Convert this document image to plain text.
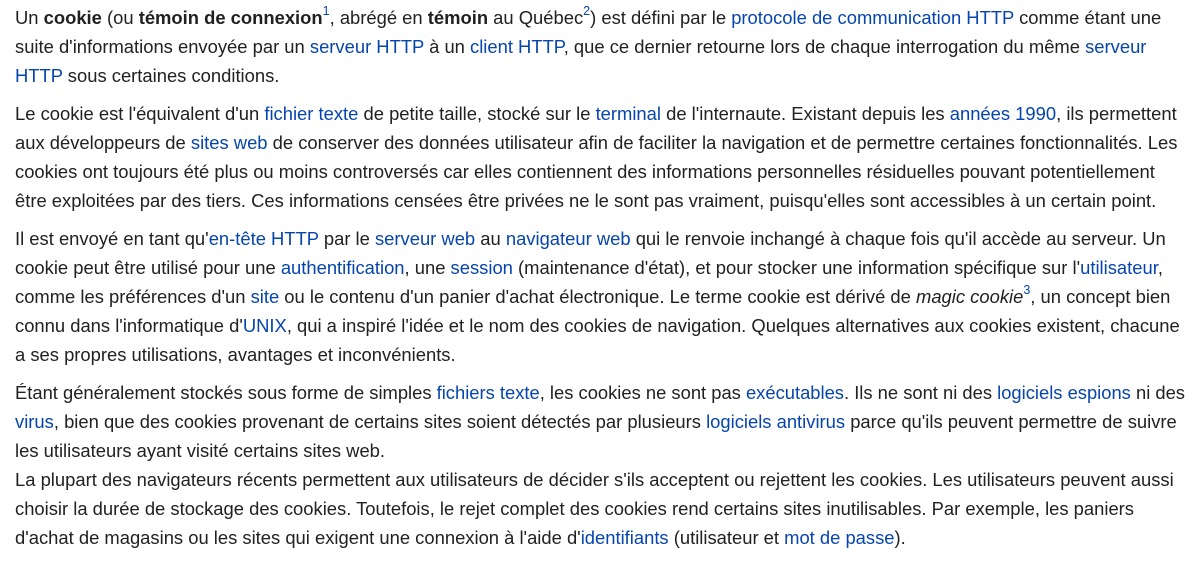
Un cookie (ou témoin de connexion$^1$, abrégé en témoin au Québec$^2$) est défini par le protocole de communication HTTP comme étant une
suite d'informations envoyée par un serveur HTTP à un client HTTP, que ce dernier retourne lors de chaque interrogation du même serveur
HTTP sous certaines conditions.

Le cookie est l'équivalent d'un fichier texte de petite taille, stocké sur le terminal de l'internaute. Existant depuis les années 1990, ils permettent
aux développeurs de sites web de conserver des données utilisateur afin de faciliter la navigation et de permettre certaines fonctionnalités. Les
cookies ont toujours été plus ou moins controversés car elles contiennent des informations personnelles résiduelles pouvant potentiellement
être exploitées par des tiers. Ces informations censées être privées ne le sont pas vraiment, puisqu'elles sont accessibles à un certain point.

Il est envoyé en tant qu'en-tête HTTP par le serveur web au navigateur web qui le renvoie inchangé à chaque fois qu'il accède au serveur. Un
cookie peut être utilisé pour une authentification, une session (maintenance d'état), et pour stocker une information spécifique sur l'utilisateur,
comme les préférences d'un site ou le contenu d'un panier d'achat électronique. Le terme cookie est dérivé de magic cookie$^3$, un concept bien
connu dans l'informatique d'UNIX, qui a inspiré l'idée et le nom des cookies de navigation. Quelques alternatives aux cookies existent, chacune
a ses propres utilisations, avantages et inconvénients.

Étant généralement stockés sous forme de simples fichiers texte, les cookies ne sont pas exécutables. Ils ne sont ni des logiciels espions ni des
virus, bien que des cookies provenant de certains sites soient détectés par plusieurs logiciels antivirus parce qu'ils peuvent permettre de suivre
les utilisateurs ayant visité certains sites web.

La plupart des navigateurs récents permettent aux utilisateurs de décider s'ils acceptent ou rejettent les cookies. Les utilisateurs peuvent aussi
choisir la durée de stockage des cookies. Toutefois, le rejet complet des cookies rend certains sites inutilisables. Par exemple, les paniers
d'achat de magasins ou les sites qui exigent une connexion à l'aide d'identifiants (utilisateur et mot de passe).
